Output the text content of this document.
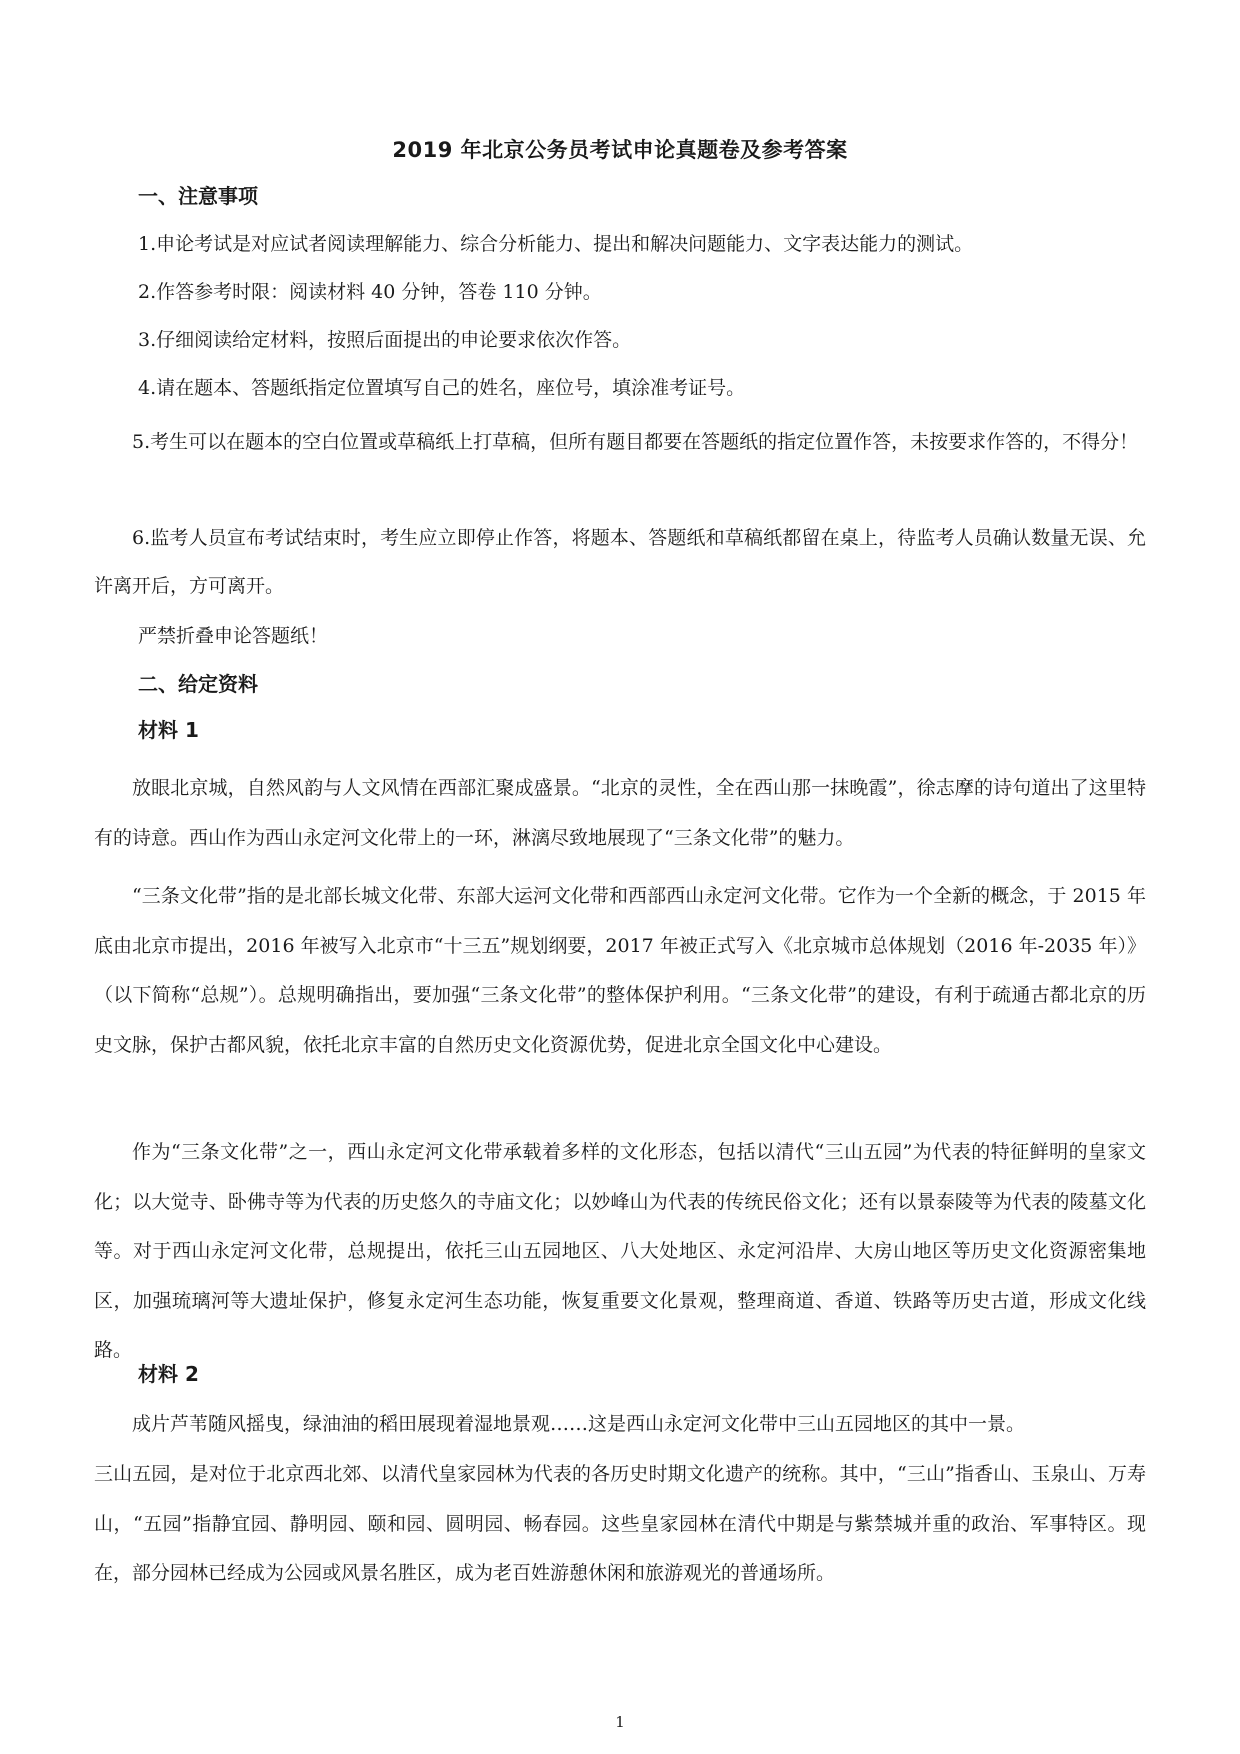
2019 年北京公务员考试申论真题卷及参考答案
一、注意事项
1.申论考试是对应试者阅读理解能力、综合分析能力、提出和解决问题能力、文字表达能力的测试。
2.作答参考时限：阅读材料 40 分钟，答卷 110 分钟。
3.仔细阅读给定材料，按照后面提出的申论要求依次作答。
4.请在题本、答题纸指定位置填写自己的姓名，座位号，填涂准考证号。

5.考生可以在题本的空白位置或草稿纸上打草稿，但所有题目都要在答题纸的指定位置作答，未按要求作答的，不得分！

6.监考人员宣布考试结束时，考生应立即停止作答，将题本、答题纸和草稿纸都留在桌上，待监考人员确认数量无误、允许离开后，方可离开。

严禁折叠申论答题纸！
二、给定资料
材料 1

放眼北京城，自然风韵与人文风情在西部汇聚成盛景。“北京的灵性，全在西山那一抹晚霞”，徐志摩的诗句道出了这里特有的诗意。西山作为西山永定河文化带上的一环，淋漓尽致地展现了“三条文化带”的魅力。

“三条文化带”指的是北部长城文化带、东部大运河文化带和西部西山永定河文化带。它作为一个全新的概念，于 2015 年底由北京市提出，2016 年被写入北京市“十三五”规划纲要，2017 年被正式写入《北京城市总体规划（2016 年-2035 年）》（以下简称“总规”）。总规明确指出，要加强“三条文化带”的整体保护利用。“三条文化带”的建设，有利于疏通古都北京的历史文脉，保护古都风貌，依托北京丰富的自然历史文化资源优势，促进北京全国文化中心建设。

作为“三条文化带”之一，西山永定河文化带承载着多样的文化形态，包括以清代“三山五园”为代表的特征鲜明的皇家文化；以大觉寺、卧佛寺等为代表的历史悠久的寺庙文化；以妙峰山为代表的传统民俗文化；还有以景泰陵等为代表的陵墓文化等。对于西山永定河文化带，总规提出，依托三山五园地区、八大处地区、永定河沿岸、大房山地区等历史文化资源密集地区，加强琉璃河等大遗址保护，修复永定河生态功能，恢复重要文化景观，整理商道、香道、铁路等历史古道，形成文化线路。

材料 2

成片芦苇随风摇曳，绿油油的稻田展现着湿地景观……这是西山永定河文化带中三山五园地区的其中一景。

三山五园，是对位于北京西北郊、以清代皇家园林为代表的各历史时期文化遗产的统称。其中，“三山”指香山、玉泉山、万寿山，“五园”指静宜园、静明园、颐和园、圆明园、畅春园。这些皇家园林在清代中期是与紫禁城并重的政治、军事特区。现在，部分园林已经成为公园或风景名胜区，成为老百姓游憩休闲和旅游观光的普通场所。

1
